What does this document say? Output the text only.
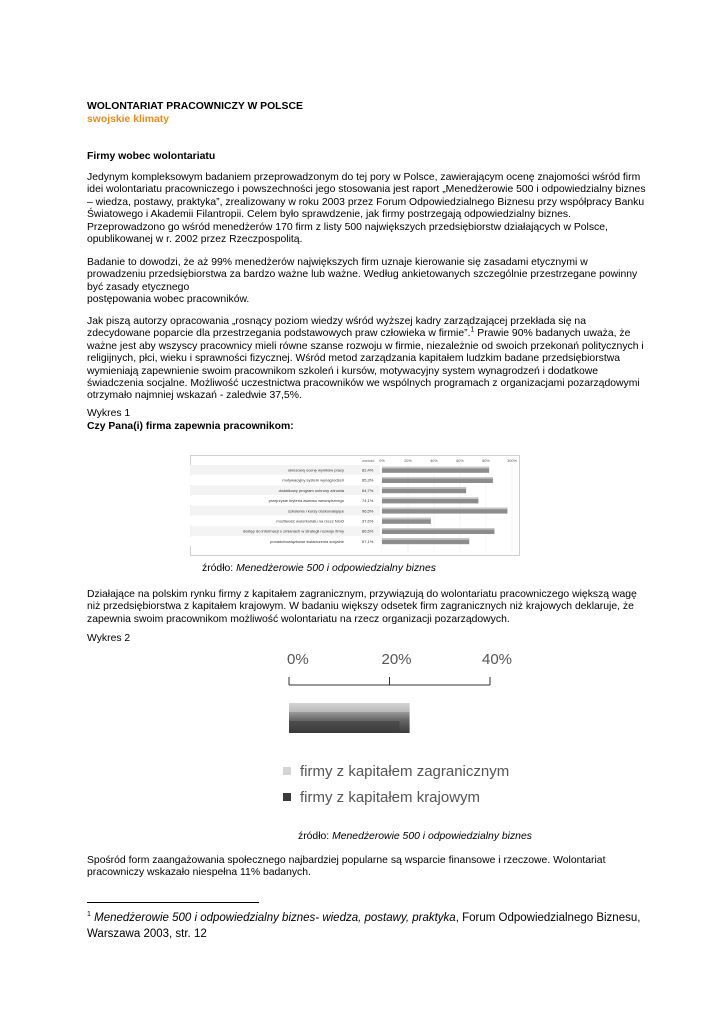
WOLONTARIAT PRACOWNICZY W POLSCE
swojskie klimaty
Firmy wobec wolontariatu

Jedynym kompleksowym badaniem przeprowadzonym do tej pory w Polsce, zawierającym ocenę znajomości wśród firm idei wolontariatu pracowniczego i powszechności jego stosowania jest raport „Menedżerowie 500 i odpowiedzialny biznes – wiedza, postawy, praktyka”, zrealizowany w roku 2003 przez Forum Odpowiedzialnego Biznesu przy współpracy Banku Światowego i Akademii Filantropii. Celem było sprawdzenie, jak firmy postrzegają odpowiedzialny biznes. Przeprowadzono go wśród menedżerów 170 firm z listy 500 największych przedsiębiorstw działających w Polsce, opublikowanej w r. 2002 przez Rzeczpospolitą.

Badanie to dowodzi, że aż 99% menedżerów największych firm uznaje kierowanie się zasadami etycznymi w prowadzeniu przedsiębiorstwa za bardzo ważne lub ważne. Według ankietowanych szczególnie przestrzegane powinny być zasady etycznego

postępowania wobec pracowników.

Jak piszą autorzy opracowania „rosnący poziom wiedzy wśród wyższej kadry zarządzającej przekłada się na zdecydowane poparcie dla przestrzegania podstawowych praw człowieka w firmie”.$^1$ Prawie 90% badanych uważa, że ważne jest aby wszyscy pracownicy mieli równe szanse rozwoju w firmie, niezależnie od swoich przekonań politycznych i religijnych, płci, wieku i sprawności fizycznej. Wśród metod zarządzania kapitałem ludzkim badane przedsiębiorstwa wymieniają zapewnienie swoim pracownikom szkoleń i kursów, motywacyjny system wynagrodzeń i dodatkowe świadczenia socjalne. Możliwość uczestnictwa pracowników we wspólnych programach z organizacjami pozarządowymi otrzymało najmniej wskazań - zaledwie 37,5%.

Wykres 1
Czy Pana(i) firma zapewnia pracownikom:
0%	20%	40%	60%	80%	100%
wartość
okresową ocenę wyników pracy	82,4%
motywacyjny system wynagrodzeń	85,3%
dodatkowy program ochrony zdrowia	64,7%
przejrzyste kryteria awansu wewnętrznego	74,1%
szkolenia i kursy doskonalające	96,5%
możliwość wolontariatu na rzecz NGO	37,6%
dostęp do informacji o zmianach w strategii rozwoju firmy	86,5%
ponadobowiązkowe świadczenia socjalne	67,1%
źródło: Menedżerowie 500 i odpowiedzialny biznes

Działające na polskim rynku firmy z kapitałem zagranicznym, przywiązują do wolontariatu pracowniczego większą wagę niż przedsiębiorstwa z kapitałem krajowym. W badaniu większy odsetek firm zagranicznych niż krajowych deklaruje, że zapewnia swoim pracownikom możliwość wolontariatu na rzecz organizacji pozarządowych.

Wykres 2
0%	20%	40%
firmy z kapitałem zagranicznym
firmy z kapitałem krajowym
źródło: Menedżerowie 500 i odpowiedzialny biznes

Spośród form zaangażowania społecznego najbardziej popularne są wsparcie finansowe i rzeczowe. Wolontariat pracowniczy wskazało niespełna 11% badanych.

$^1$ Menedżerowie 500 i odpowiedzialny biznes- wiedza, postawy, praktyka, Forum Odpowiedzialnego Biznesu, Warszawa 2003, str. 12
